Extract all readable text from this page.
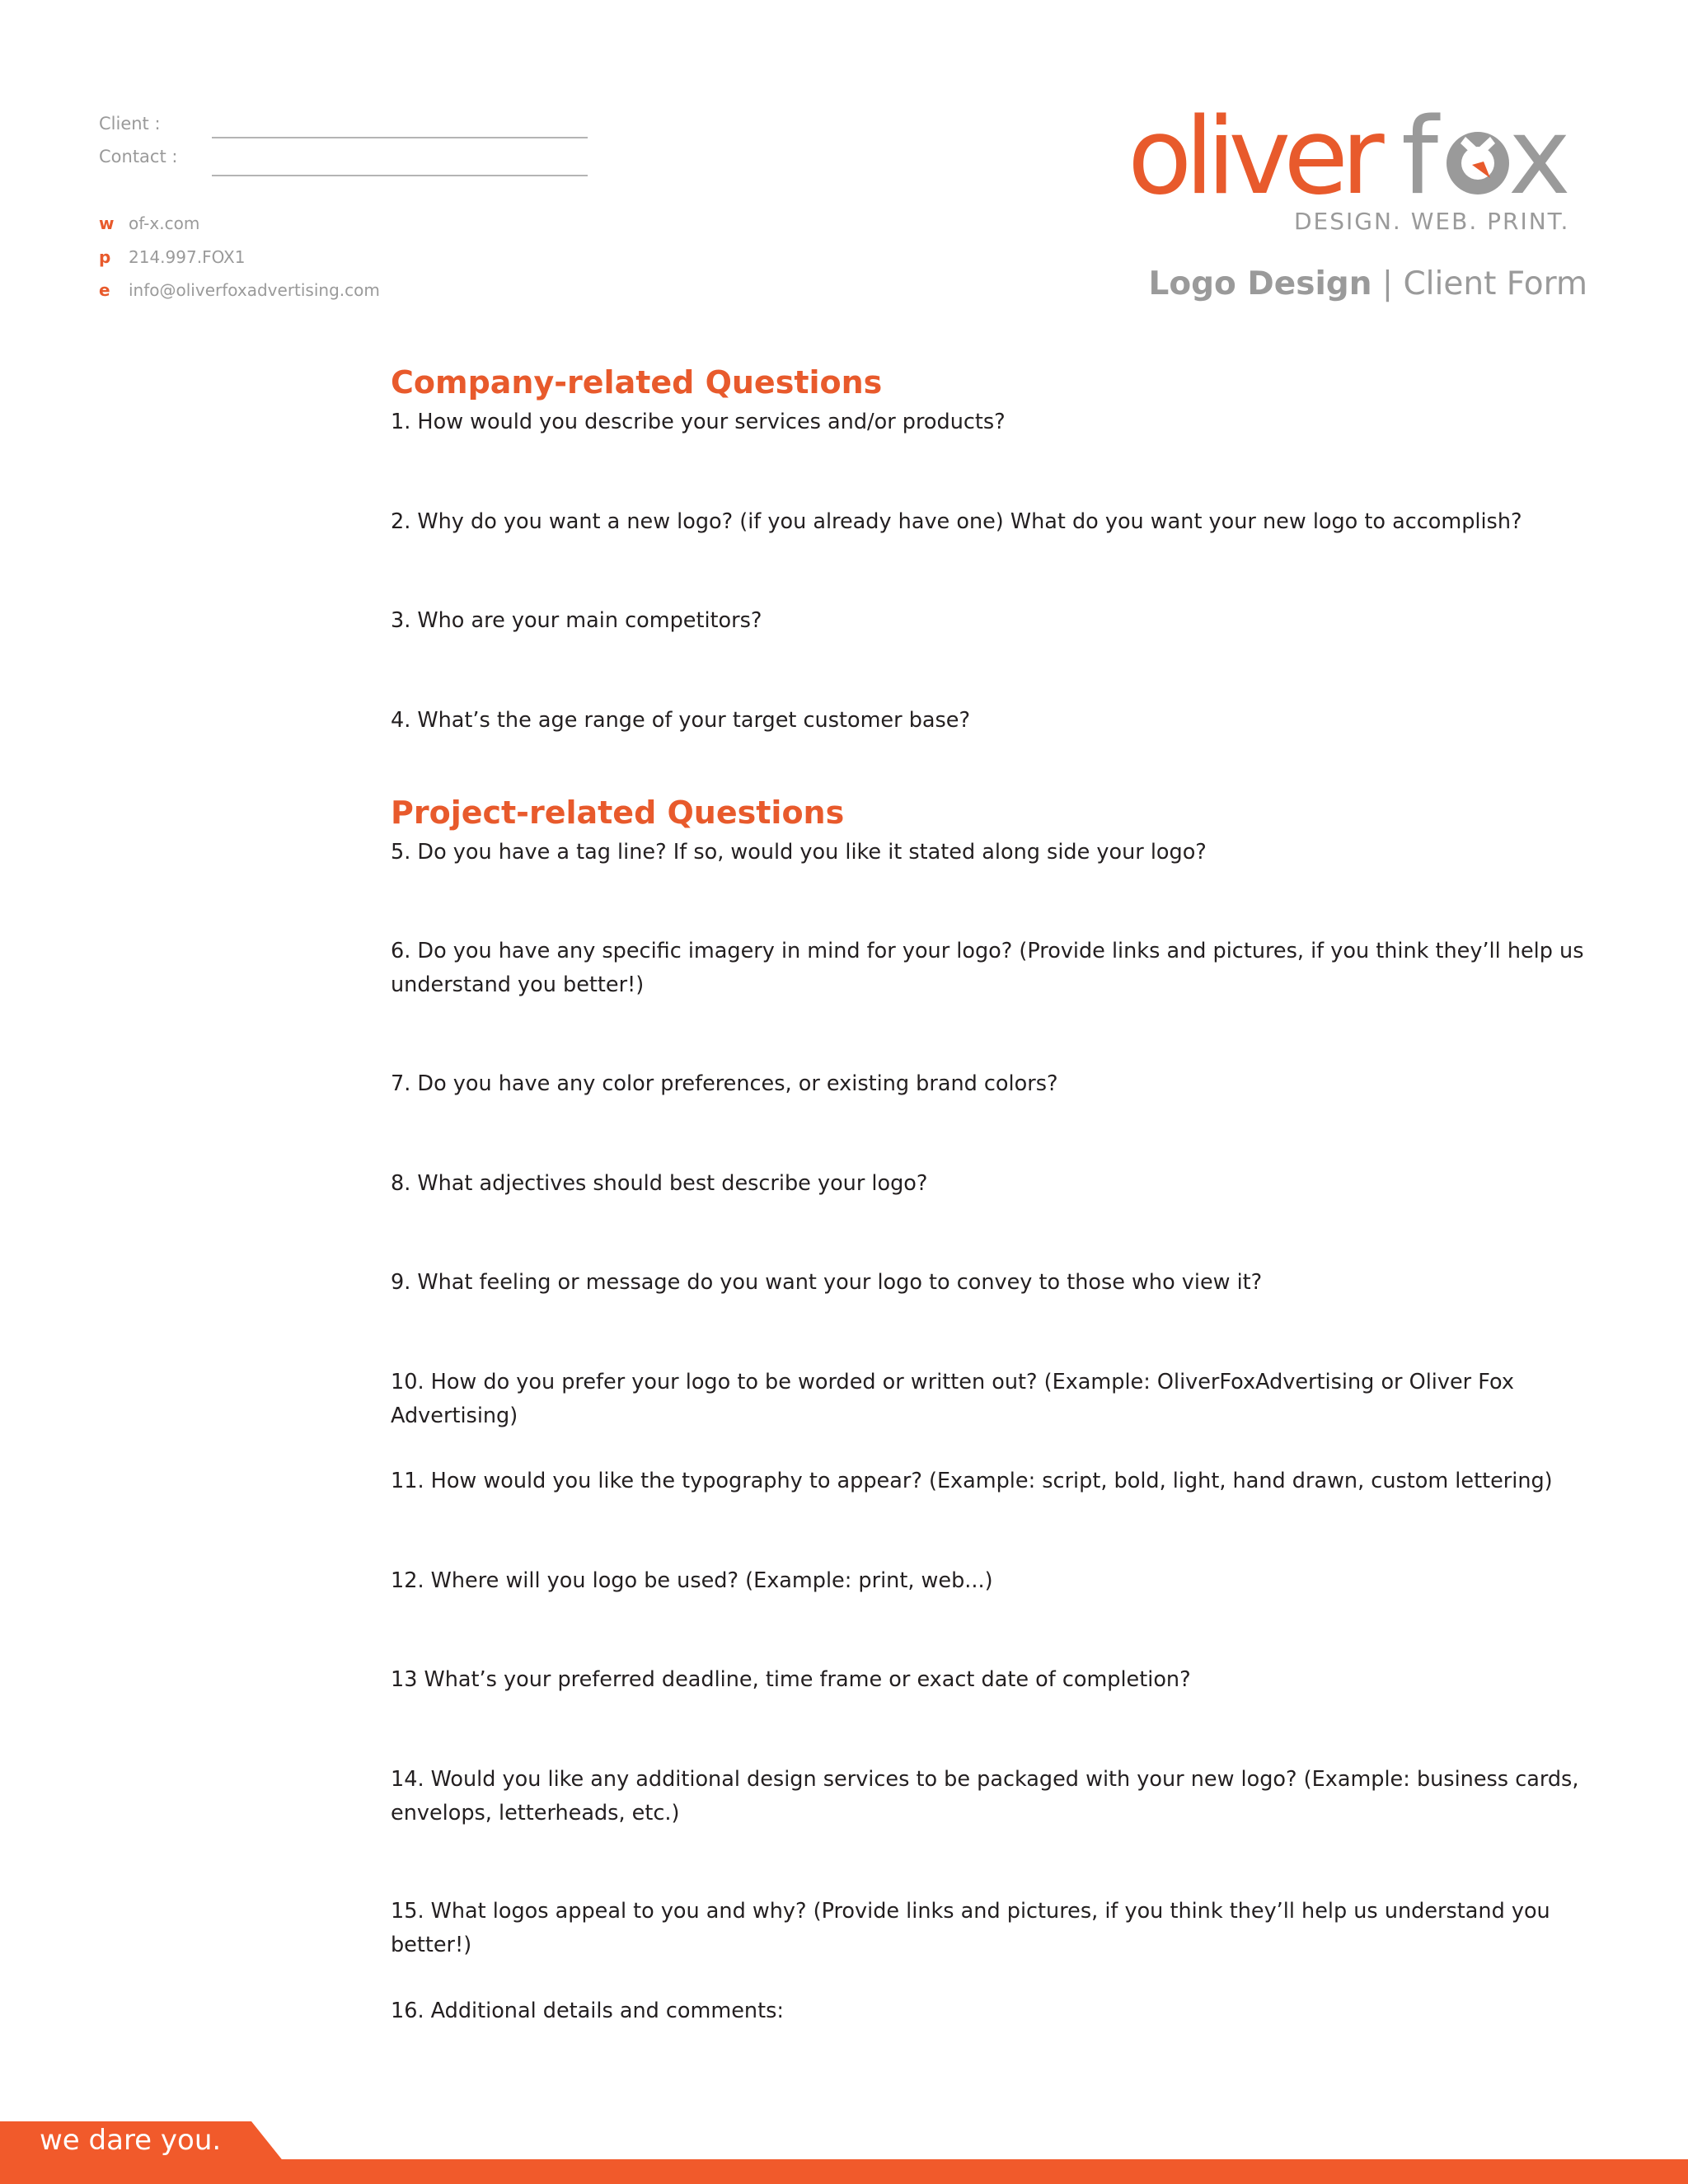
Client :
Contact :
w of-x.com
p 214.997.FOX1
e info@oliverfoxadvertising.com
oliver f x
DESIGN. WEB. PRINT.
Logo Design | Client Form
Company-related Questions
1. How would you describe your services and/or products?
2. Why do you want a new logo? (if you already have one) What do you want your new logo to accomplish?
3. Who are your main competitors?
4. What’s the age range of your target customer base?
Project-related Questions
5. Do you have a tag line? If so, would you like it stated along side your logo?
6. Do you have any specific imagery in mind for your logo? (Provide links and pictures, if you think they’ll help us understand you better!)
7. Do you have any color preferences, or existing brand colors?
8. What adjectives should best describe your logo?
9. What feeling or message do you want your logo to convey to those who view it?
10. How do you prefer your logo to be worded or written out? (Example: OliverFoxAdvertising or Oliver Fox Advertising)
11. How would you like the typography to appear? (Example: script, bold, light, hand drawn, custom lettering)
12. Where will you logo be used? (Example: print, web...)
13 What’s your preferred deadline, time frame or exact date of completion?
14. Would you like any additional design services to be packaged with your new logo? (Example: business cards, envelops, letterheads, etc.)
15. What logos appeal to you and why? (Provide links and pictures, if you think they’ll help us understand you better!)
16. Additional details and comments:
we dare you.
